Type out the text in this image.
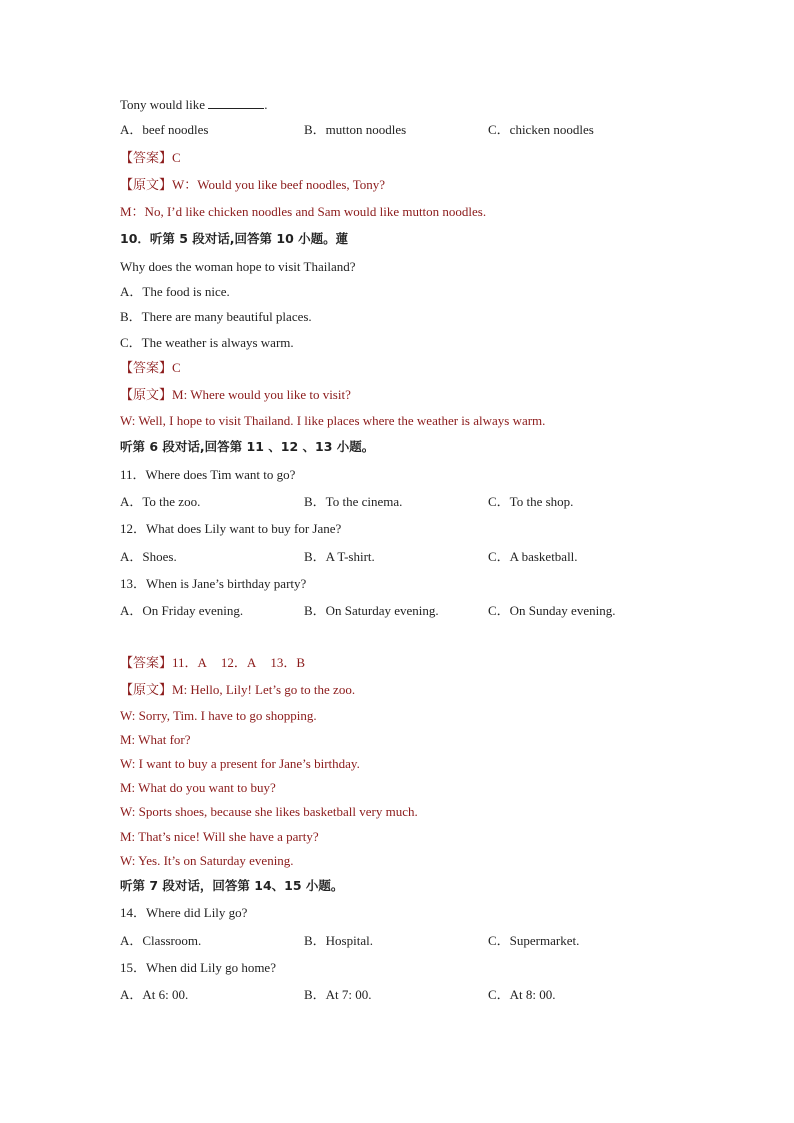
Tony would like	.
A．beef noodles	B．mutton noodles	C．chicken noodles
【答案】C
【原文】W：Would you like beef noodles, Tony?
M：No, I’d like chicken noodles and Sam would like mutton noodles.
10．听第 5 段对话,回答第 10 小题。蓮
Why does the woman hope to visit Thailand?
A．The food is nice.
B．There are many beautiful places.
C．The weather is always warm.
【答案】C
【原文】M: Where would you like to visit?
W: Well, I hope to visit Thailand. I like places where the weather is always warm.
听第 6 段对话,回答第 11 、12 、13 小题。
11．Where does Tim want to go?
A．To the zoo.	B．To the cinema.	C．To the shop.
12．What does Lily want to buy for Jane?
A．Shoes.	B．A T-shirt.	C．A basketball.
13．When is Jane’s birthday party?
A．On Friday evening.	B．On Saturday evening.	C．On Sunday evening.
【答案】11．A 12．A 13．B
【原文】M: Hello, Lily! Let’s go to the zoo.
W: Sorry, Tim. I have to go shopping.
M: What for?
W: I want to buy a present for Jane’s birthday.
M: What do you want to buy?
W: Sports shoes, because she likes basketball very much.
M: That’s nice! Will she have a party?
W: Yes. It’s on Saturday evening.
听第 7 段对话，回答第 14、15 小题。
14．Where did Lily go?
A．Classroom.	B．Hospital.	C．Supermarket.
15．When did Lily go home?
A．At 6: 00.	B．At 7: 00.	C．At 8: 00.
